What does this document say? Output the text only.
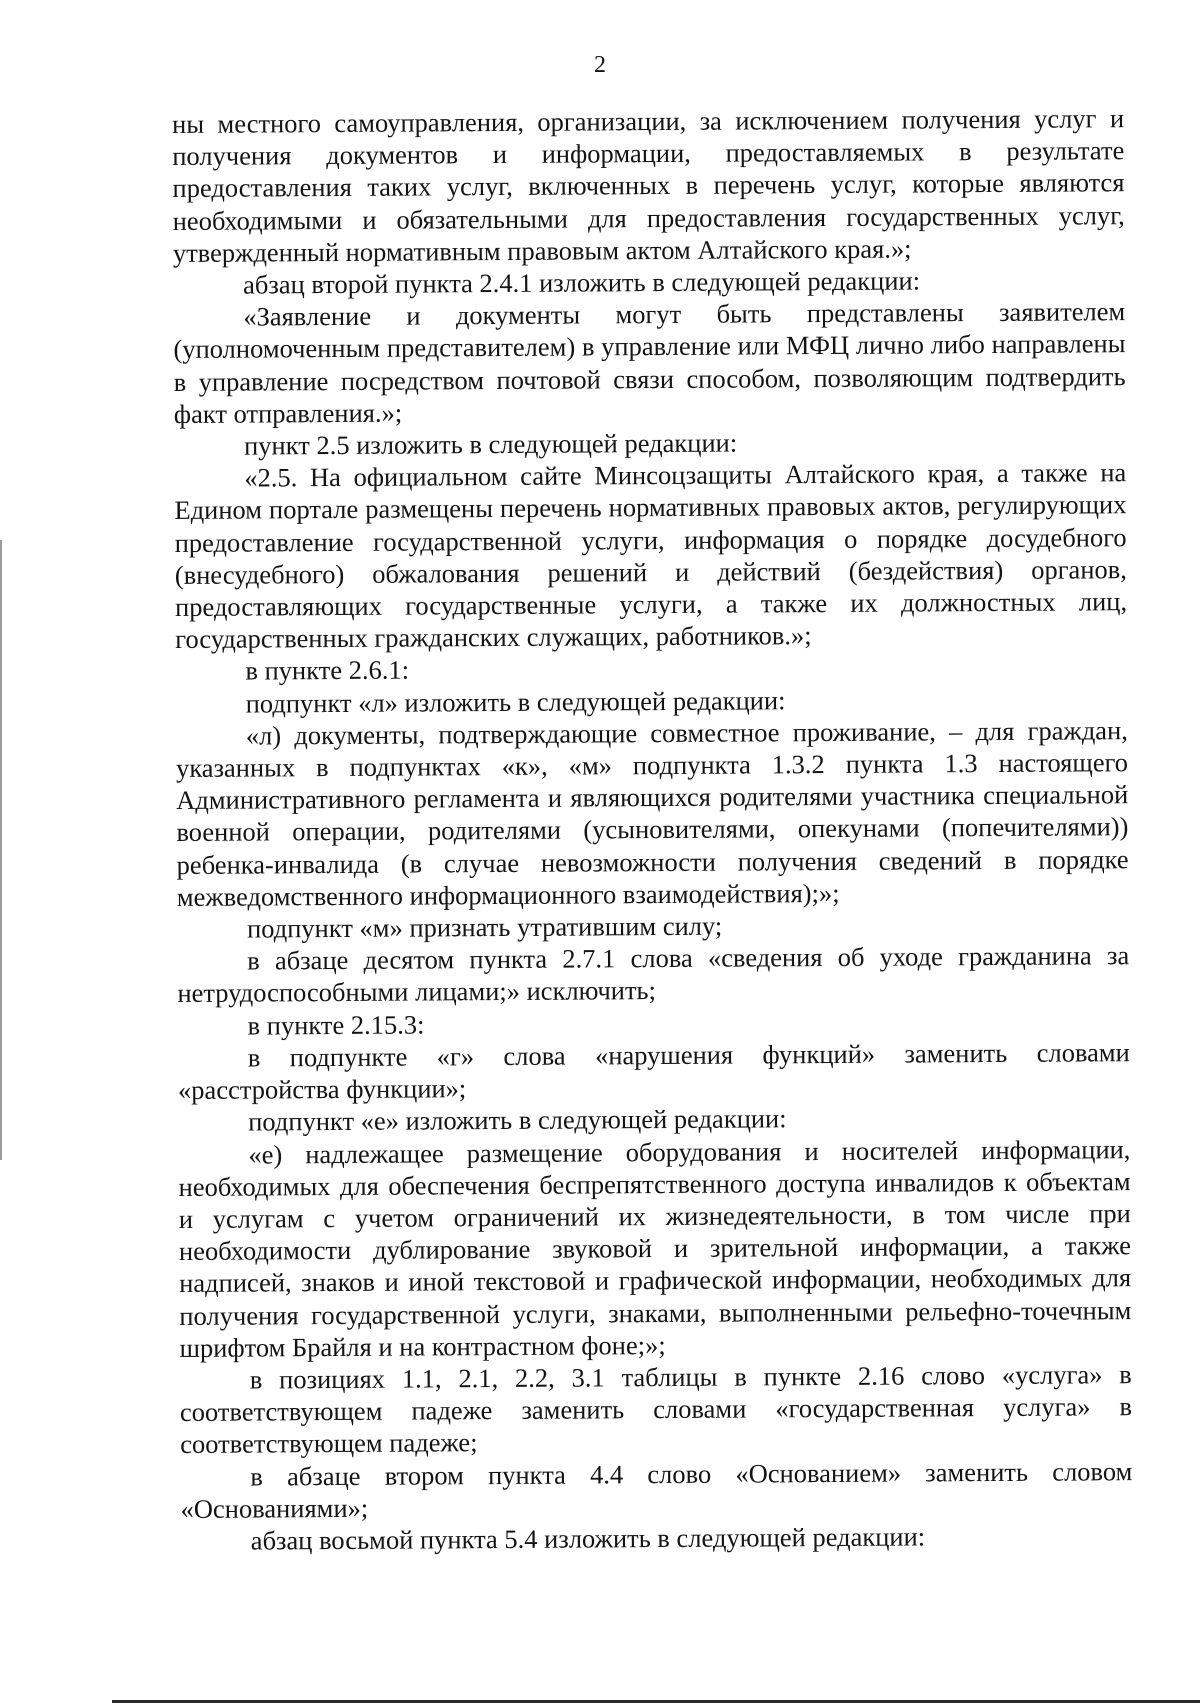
2

ны местного самоуправления, организации, за исключением получения услуг и получения документов и информации, предоставляемых в результате предоставления таких услуг, включенных в перечень услуг, которые являются необходимыми и обязательными для предоставления государственных услуг, утвержденный нормативным правовым актом Алтайского края.»;

абзац второй пункта 2.4.1 изложить в следующей редакции:

«Заявление и документы могут быть представлены заявителем (уполномоченным представителем) в управление или МФЦ лично либо направлены в управление посредством почтовой связи способом, позволяющим подтвердить факт отправления.»;

пункт 2.5 изложить в следующей редакции:

«2.5. На официальном сайте Минсоцзащиты Алтайского края, а также на Едином портале размещены перечень нормативных правовых актов, регулирующих предоставление государственной услуги, информация о порядке досудебного (внесудебного) обжалования решений и действий (бездействия) органов, предоставляющих государственные услуги, а также их должностных лиц, государственных гражданских служащих, работников.»;

в пункте 2.6.1:

подпункт «л» изложить в следующей редакции:

«л) документы, подтверждающие совместное проживание, – для граждан, указанных в подпунктах «к», «м» подпункта 1.3.2 пункта 1.3 настоящего Административного регламента и являющихся родителями участника специальной военной операции, родителями (усыновителями, опекунами (попечителями)) ребенка-инвалида (в случае невозможности получения сведений в порядке межведомственного информационного взаимодействия);»;

подпункт «м» признать утратившим силу;

в абзаце десятом пункта 2.7.1 слова «сведения об уходе гражданина за нетрудоспособными лицами;» исключить;

в пункте 2.15.3:

в подпункте «г» слова «нарушения функций» заменить словами «расстройства функции»;

подпункт «е» изложить в следующей редакции:

«е) надлежащее размещение оборудования и носителей информации, необходимых для обеспечения беспрепятственного доступа инвалидов к объектам и услугам с учетом ограничений их жизнедеятельности, в том числе при необходимости дублирование звуковой и зрительной информации, а также надписей, знаков и иной текстовой и графической информации, необходимых для получения государственной услуги, знаками, выполненными рельефно-точечным шрифтом Брайля и на контрастном фоне;»;

в позициях 1.1, 2.1, 2.2, 3.1 таблицы в пункте 2.16 слово «услуга» в соответствующем падеже заменить словами «государственная услуга» в соответствующем падеже;

в абзаце втором пункта 4.4 слово «Основанием» заменить словом «Основаниями»;

абзац восьмой пункта 5.4 изложить в следующей редакции:
